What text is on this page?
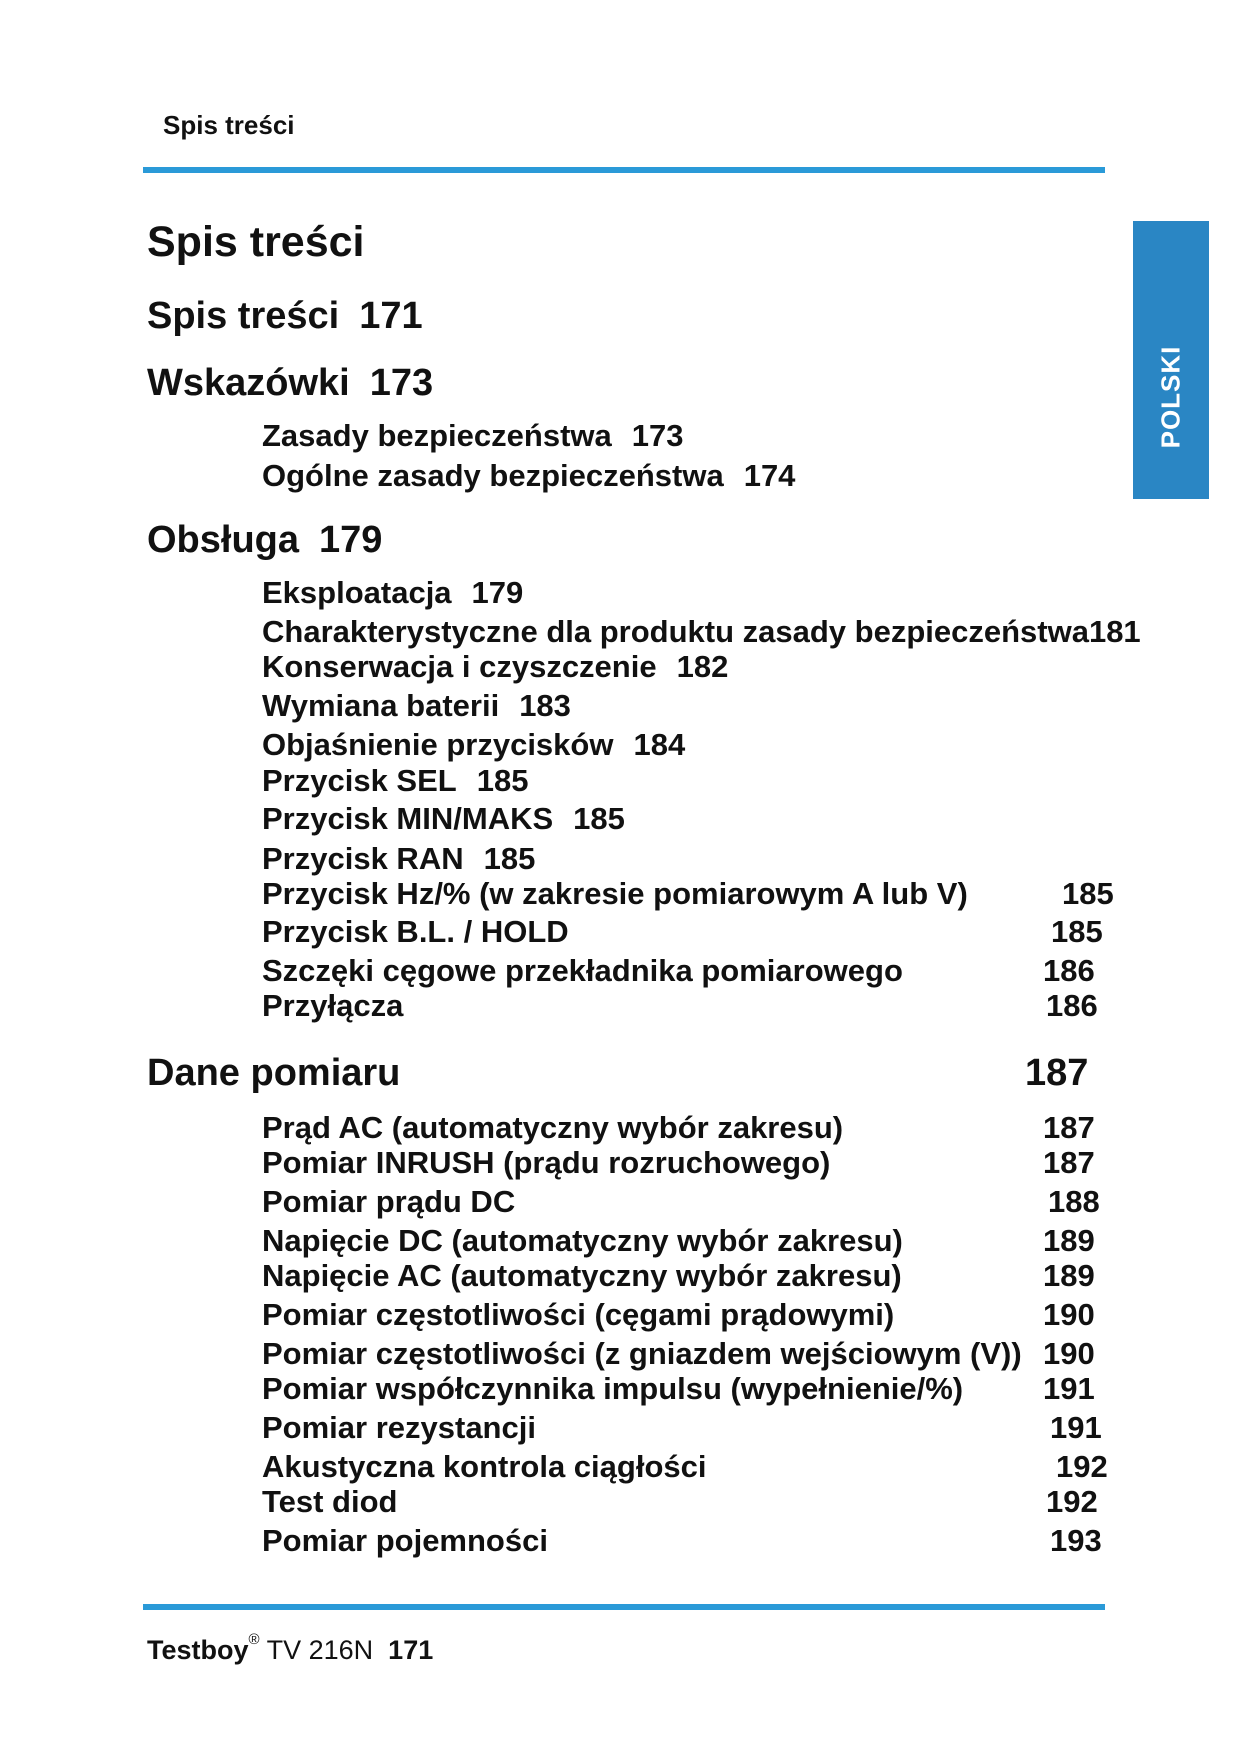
Spis treści
POLSKI
Spis treści
Spis treści 171
Wskazówki 173
Zasady bezpieczeństwa 173
Ogólne zasady bezpieczeństwa 174
Obsługa 179
Eksploatacja 179
Charakterystyczne dla produktu zasady bezpieczeństwa181
Konserwacja i czyszczenie 182
Wymiana baterii 183
Objaśnienie przycisków 184
Przycisk SEL 185
Przycisk MIN/MAKS 185
Przycisk RAN 185
Przycisk Hz/% (w zakresie pomiarowym A lub V)	185
Przycisk B.L. / HOLD	185
Szczęki cęgowe przekładnika pomiarowego	186
Przyłącza	186
Dane pomiaru	187
Prąd AC (automatyczny wybór zakresu)	187
Pomiar INRUSH (prądu rozruchowego)	187
Pomiar prądu DC	188
Napięcie DC (automatyczny wybór zakresu)	189
Napięcie AC (automatyczny wybór zakresu)	189
Pomiar częstotliwości (cęgami prądowymi)	190
Pomiar częstotliwości (z gniazdem wejściowym (V)) 190
Pomiar współczynnika impulsu (wypełnienie/%)	191
Pomiar rezystancji	191
Akustyczna kontrola ciągłości	192
Test diod	192
Pomiar pojemności	193
Testboy® TV 216N 171
